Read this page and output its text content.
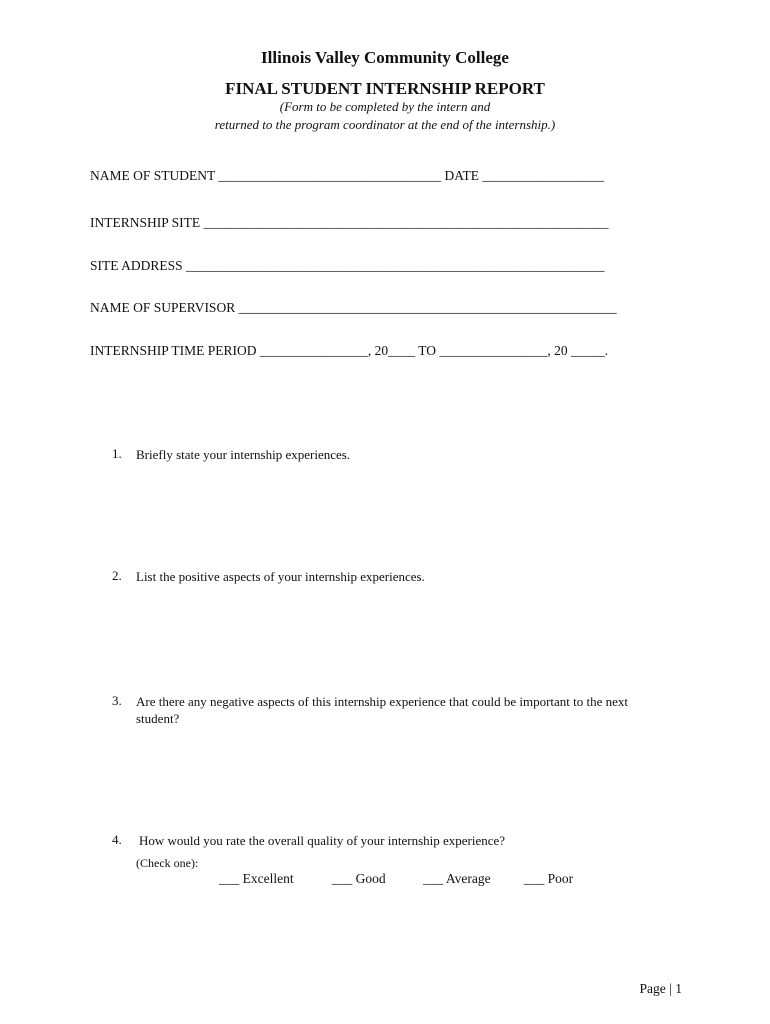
Illinois Valley Community College
FINAL STUDENT INTERNSHIP REPORT
(Form to be completed by the intern and
returned to the program coordinator at the end of the internship.)
NAME OF STUDENT _________________________________ DATE __________________
INTERNSHIP SITE ____________________________________________________________
SITE ADDRESS ______________________________________________________________
NAME OF SUPERVISOR ________________________________________________________
INTERNSHIP TIME PERIOD ________________, 20____ TO ________________, 20 _____.
1. Briefly state your internship experiences.
2. List the positive aspects of your internship experiences.
3. Are there any negative aspects of this internship experience that could be important to the next
student?
4. How would you rate the overall quality of your internship experience?
(Check one):
___ Excellent	___ Good	___ Average ___ Poor
Page | 1
